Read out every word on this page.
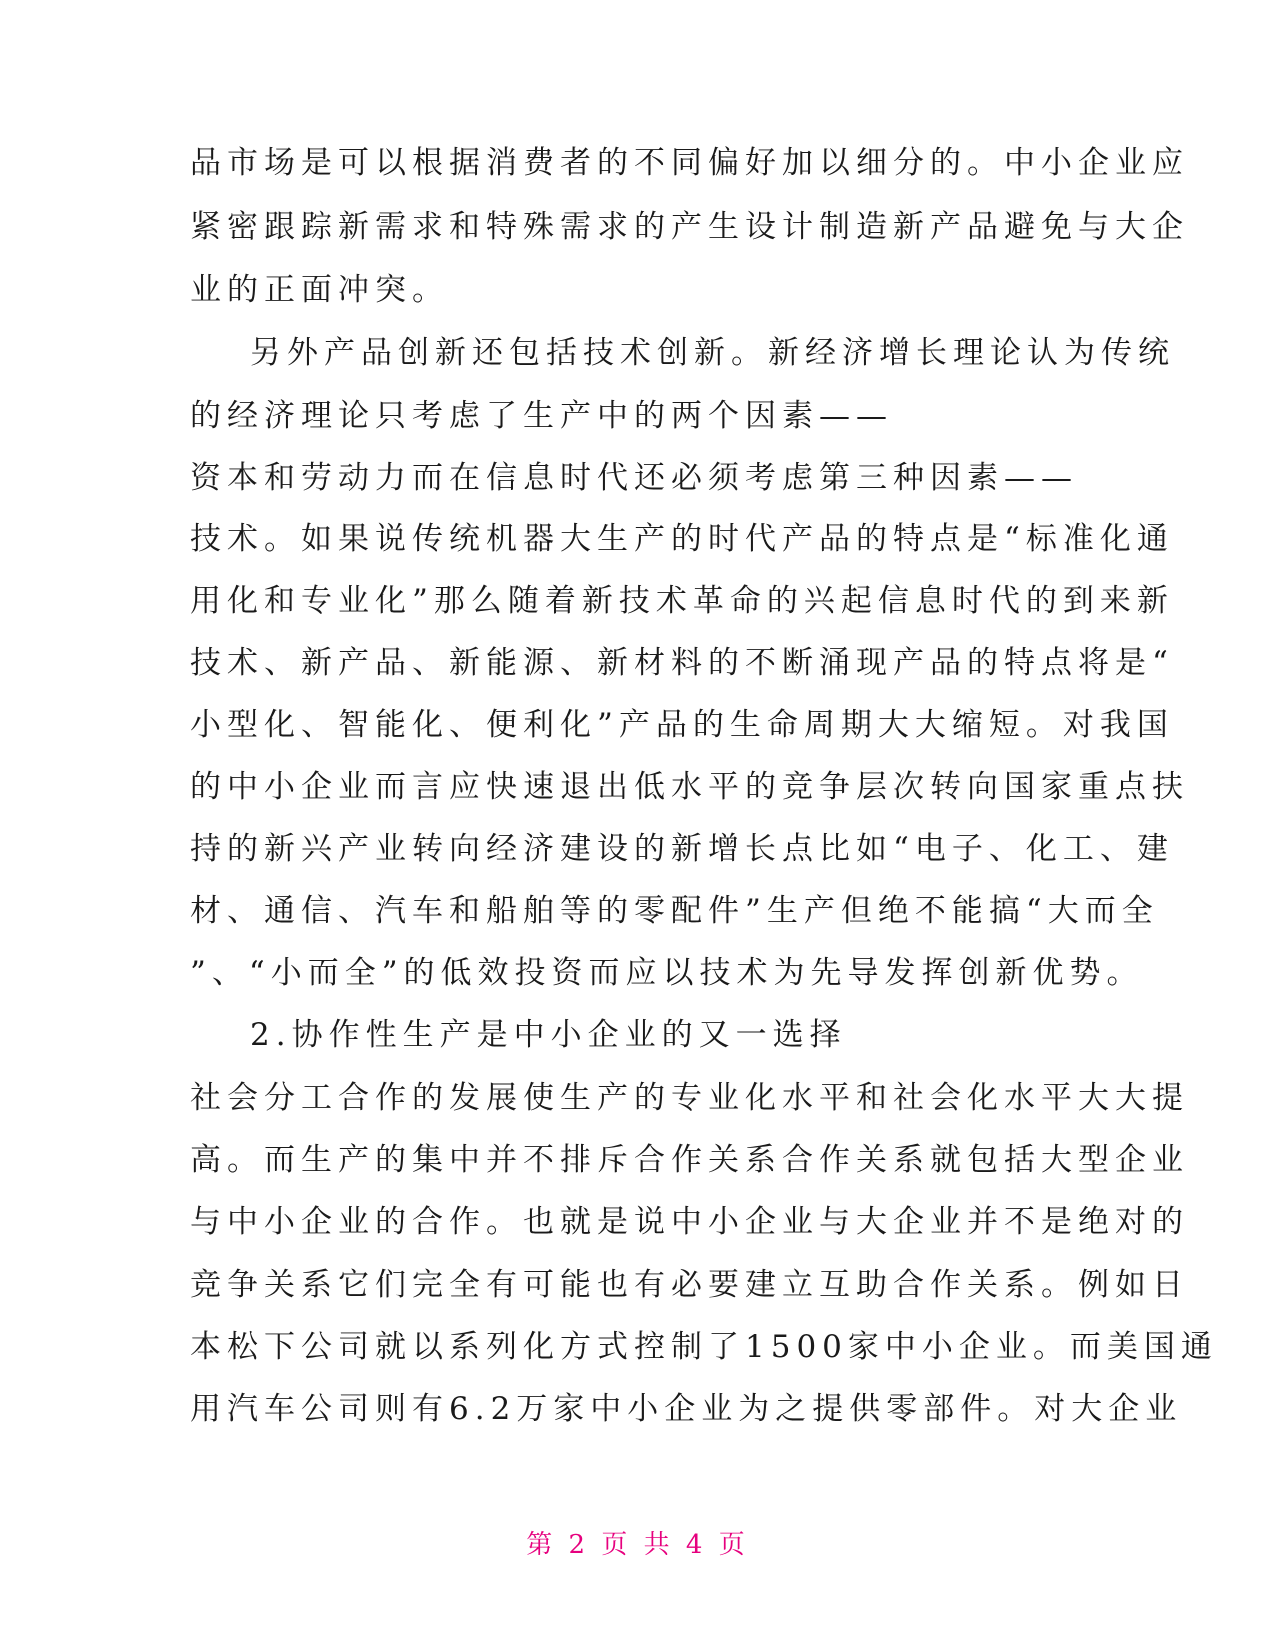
品市场是可以根据消费者的不同偏好加以细分的。中小企业应
紧密跟踪新需求和特殊需求的产生设计制造新产品避免与大企
业的正面冲突。
另外产品创新还包括技术创新。新经济增长理论认为传统
的经济理论只考虑了生产中的两个因素——
资本和劳动力而在信息时代还必须考虑第三种因素——
技术。如果说传统机器大生产的时代产品的特点是“标准化通
用化和专业化”那么随着新技术革命的兴起信息时代的到来新
技术、新产品、新能源、新材料的不断涌现产品的特点将是“
小型化、智能化、便利化”产品的生命周期大大缩短。对我国
的中小企业而言应快速退出低水平的竞争层次转向国家重点扶
持的新兴产业转向经济建设的新增长点比如“电子、化工、建
材、通信、汽车和船舶等的零配件”生产但绝不能搞“大而全
”、“小而全”的低效投资而应以技术为先导发挥创新优势。
2.协作性生产是中小企业的又一选择
社会分工合作的发展使生产的专业化水平和社会化水平大大提
高。而生产的集中并不排斥合作关系合作关系就包括大型企业
与中小企业的合作。也就是说中小企业与大企业并不是绝对的
竞争关系它们完全有可能也有必要建立互助合作关系。例如日
本松下公司就以系列化方式控制了1500家中小企业。而美国通
用汽车公司则有6.2万家中小企业为之提供零部件。对大企业
第 2 页 共 4 页
